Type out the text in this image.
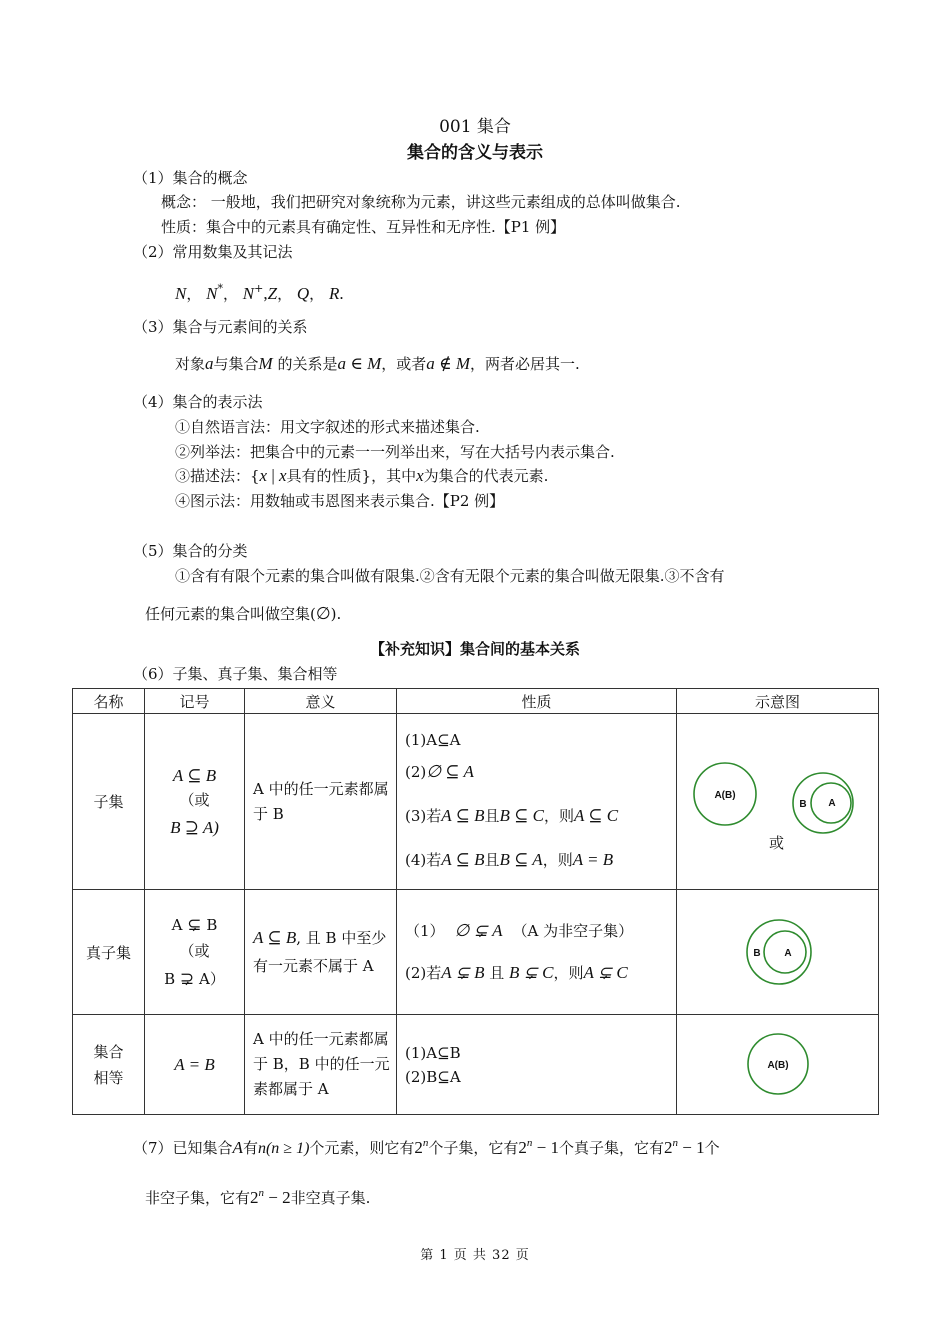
001 集合
集合的含义与表示
（1）集合的概念
概念： 一般地，我们把研究对象统称为元素，讲这些元素组成的总体叫做集合.
性质：集合中的元素具有确定性、互异性和无序性.【P1 例】
（2）常用数集及其记法
N， N*， N+,Z， Q， R.
（3）集合与元素间的关系
对象a与集合M 的关系是a ∈ M，或者a ∉ M，两者必居其一.
（4）集合的表示法
①自然语言法：用文字叙述的形式来描述集合.
②列举法：把集合中的元素一一列举出来，写在大括号内表示集合.
③描述法：{x | x具有的性质}，其中x为集合的代表元素.
④图示法：用数轴或韦恩图来表示集合.【P2 例】
（5）集合的分类
①含有有限个元素的集合叫做有限集.②含有无限个元素的集合叫做无限集.③不含有
任何元素的集合叫做空集(∅).
【补充知识】集合间的基本关系
（6）子集、真子集、集合相等
名称	记号	意义	性质	示意图
子集	A ⊆ B
（或
B ⊇ A)	A 中的任一元素都属于 B	(1)A⊆A
(2)∅ ⊆ A
(3)若A ⊆ B且B ⊆ C，则A ⊆ C
(4)若A ⊆ B且B ⊆ A，则A = B	A(B)
B A
或

真子集	A ⊊ B
（或
B ⊋ A）	A ⊆ B, 且 B 中至少有一元素不属于 A	（1） ∅ ⊊ A （A 为非空子集）
(2)若A ⊊ B 且 B ⊊ C，则A ⊊ C	B A

集合
相等	A = B	A 中的任一元素都属于 B，B 中的任一元素都属于 A	(1)A⊆B
(2)B⊆A	A(B)
（7）已知集合A有n(n ≥ 1)个元素，则它有2$^n$个子集，它有$2^n - 1$个真子集，它有$2^n - 1$个
非空子集，它有$2^n - 2$非空真子集.
第 1 页 共 32 页
